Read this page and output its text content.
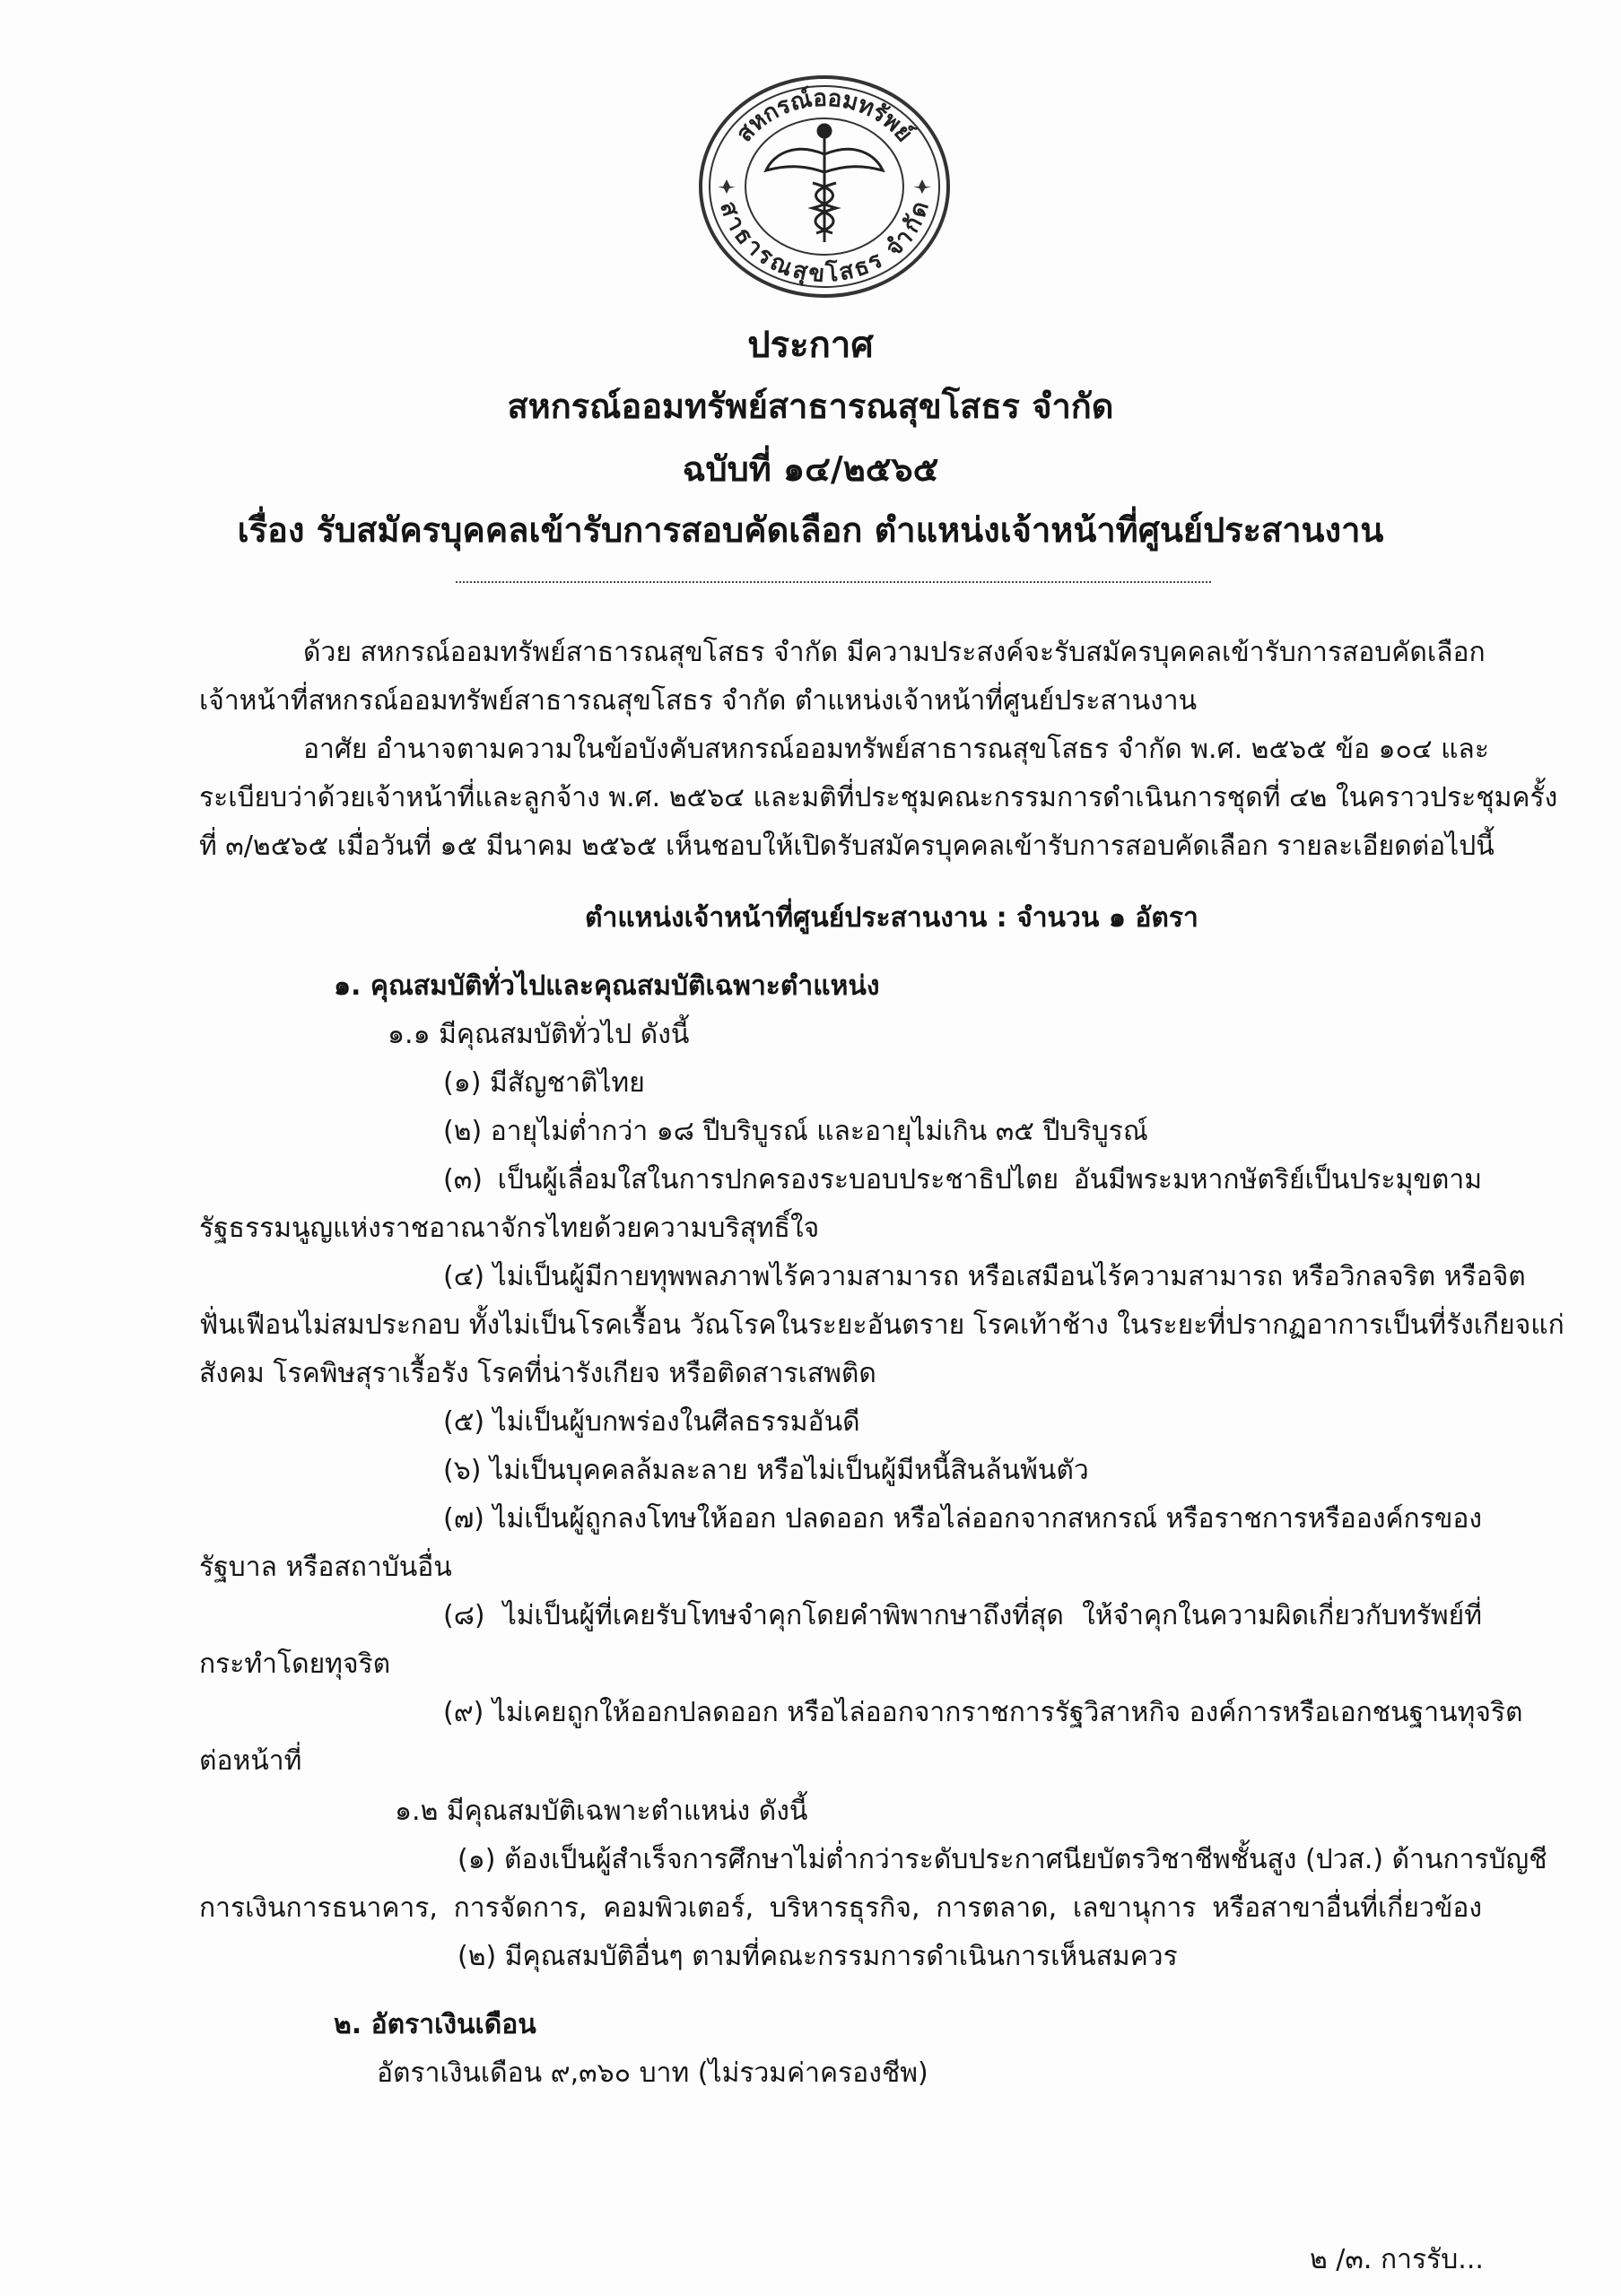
สหกรณ์ออมทรัพย์
สาธารณสุขโสธร จำกัด
ประกาศ
สหกรณ์ออมทรัพย์สาธารณสุขโสธร จำกัด
ฉบับที่ ๑๔/๒๕๖๕
เรื่อง รับสมัครบุคคลเข้ารับการสอบคัดเลือก ตำแหน่งเจ้าหน้าที่ศูนย์ประสานงาน
ด้วย สหกรณ์ออมทรัพย์สาธารณสุขโสธร จำกัด มีความประสงค์จะรับสมัครบุคคลเข้ารับการสอบคัดเลือก
เจ้าหน้าที่สหกรณ์ออมทรัพย์สาธารณสุขโสธร จำกัด ตำแหน่งเจ้าหน้าที่ศูนย์ประสานงาน
อาศัย อำนาจตามความในข้อบังคับสหกรณ์ออมทรัพย์สาธารณสุขโสธร จำกัด พ.ศ. ๒๕๖๕ ข้อ ๑๐๔ และ
ระเบียบว่าด้วยเจ้าหน้าที่และลูกจ้าง พ.ศ. ๒๕๖๔ และมติที่ประชุมคณะกรรมการดำเนินการชุดที่ ๔๒ ในคราวประชุมครั้ง
ที่ ๓/๒๕๖๕ เมื่อวันที่ ๑๕ มีนาคม ๒๕๖๕ เห็นชอบให้เปิดรับสมัครบุคคลเข้ารับการสอบคัดเลือก รายละเอียดต่อไปนี้
ตำแหน่งเจ้าหน้าที่ศูนย์ประสานงาน : จำนวน ๑ อัตรา
๑. คุณสมบัติทั่วไปและคุณสมบัติเฉพาะตำแหน่ง
๑.๑ มีคุณสมบัติทั่วไป ดังนี้
(๑) มีสัญชาติไทย
(๒) อายุไม่ต่ำกว่า ๑๘ ปีบริบูรณ์ และอายุไม่เกิน ๓๕ ปีบริบูรณ์
(๓) เป็นผู้เลื่อมใสในการปกครองระบอบประชาธิปไตย อันมีพระมหากษัตริย์เป็นประมุขตาม
รัฐธรรมนูญแห่งราชอาณาจักรไทยด้วยความบริสุทธิ์ใจ
(๔) ไม่เป็นผู้มีกายทุพพลภาพไร้ความสามารถ หรือเสมือนไร้ความสามารถ หรือวิกลจริต หรือจิต
ฟั่นเฟือนไม่สมประกอบ ทั้งไม่เป็นโรคเรื้อน วัณโรคในระยะอันตราย โรคเท้าช้าง ในระยะที่ปรากฏอาการเป็นที่รังเกียจแก่
สังคม โรคพิษสุราเรื้อรัง โรคที่น่ารังเกียจ หรือติดสารเสพติด
(๕) ไม่เป็นผู้บกพร่องในศีลธรรมอันดี
(๖) ไม่เป็นบุคคลล้มละลาย หรือไม่เป็นผู้มีหนี้สินล้นพ้นตัว
(๗) ไม่เป็นผู้ถูกลงโทษให้ออก ปลดออก หรือไล่ออกจากสหกรณ์ หรือราชการหรือองค์กรของ
รัฐบาล หรือสถาบันอื่น
(๘) ไม่เป็นผู้ที่เคยรับโทษจำคุกโดยคำพิพากษาถึงที่สุด ให้จำคุกในความผิดเกี่ยวกับทรัพย์ที่
กระทำโดยทุจริต
(๙) ไม่เคยถูกให้ออกปลดออก หรือไล่ออกจากราชการรัฐวิสาหกิจ องค์การหรือเอกชนฐานทุจริต
ต่อหน้าที่
๑.๒ มีคุณสมบัติเฉพาะตำแหน่ง ดังนี้
(๑) ต้องเป็นผู้สำเร็จการศึกษาไม่ต่ำกว่าระดับประกาศนียบัตรวิชาชีพชั้นสูง (ปวส.) ด้านการบัญชี
การเงินการธนาคาร, การจัดการ, คอมพิวเตอร์, บริหารธุรกิจ, การตลาด, เลขานุการ หรือสาขาอื่นที่เกี่ยวข้อง
(๒) มีคุณสมบัติอื่นๆ ตามที่คณะกรรมการดำเนินการเห็นสมควร
๒. อัตราเงินเดือน
อัตราเงินเดือน ๙,๓๖๐ บาท (ไม่รวมค่าครองชีพ)
๒ /๓. การรับ...
